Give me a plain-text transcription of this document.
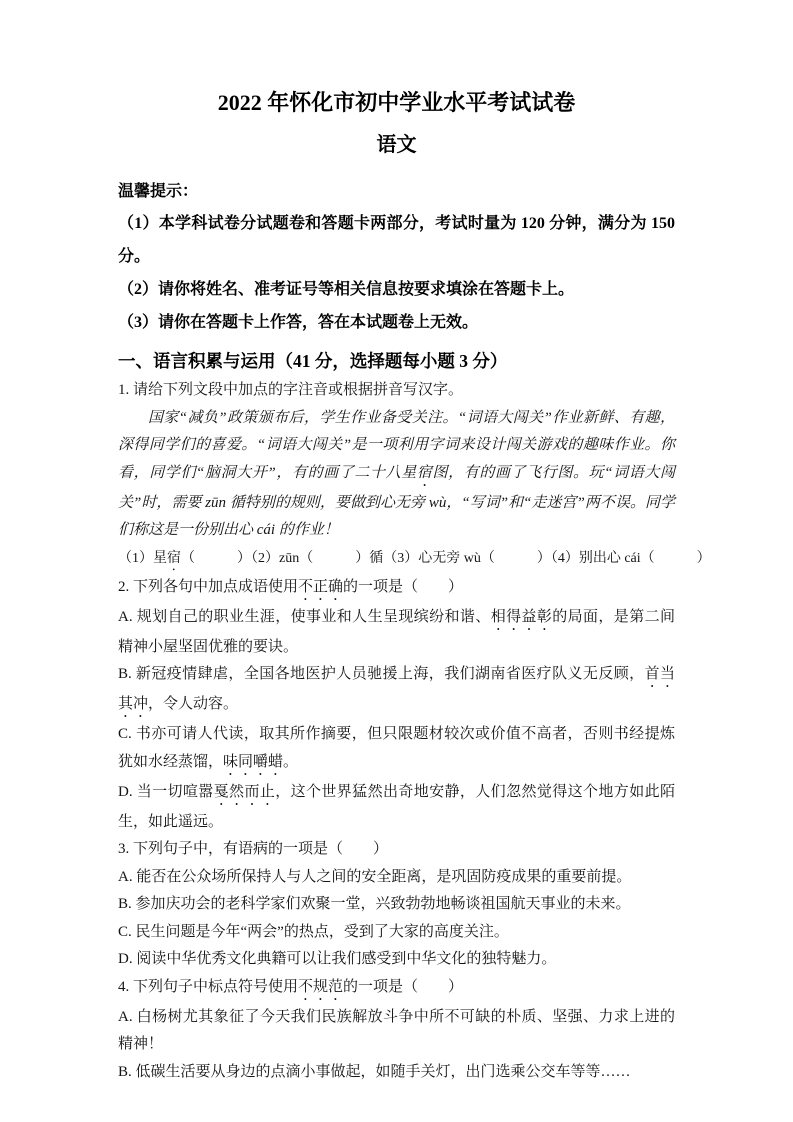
2022 年怀化市初中学业水平考试试卷
语文
温馨提示：

（1）本学科试卷分试题卷和答题卡两部分，考试时量为 120 分钟，满分为 150 分。

（2）请你将姓名、准考证号等相关信息按要求填涂在答题卡上。

（3）请你在答题卡上作答，答在本试题卷上无效。

一、语言积累与运用（41 分，选择题每小题 3 分）

1. 请给下列文段中加点的字注音或根据拼音写汉字。

国家“减负”政策颁布后，学生作业备受关注。“词语大闯关”作业新鲜、有趣，深得同学们的喜爱。“词语大闯关”是一项利用字词来设计闯关游戏的趣味作业。你看，同学们“脑洞大开”，有的画了二十八星宿图，有的画了飞行图。玩“词语大闯关”时，需要 zūn 循特别的规则，要做到心无旁 wù，“写词”和“走迷宫”两不误。同学们称这是一份别出心 cái 的作业！

（1）星宿（　　　）（2）zūn（　　　）循（3）心无旁 wù（　　　）（4）别出心 cái（　　　）

2. 下列各句中加点成语使用不正确的一项是（　　）

A. 规划自己的职业生涯，使事业和人生呈现缤纷和谐、相得益彰的局面，是第二间精神小屋坚固优雅的要诀。

B. 新冠疫情肆虐，全国各地医护人员驰援上海，我们湖南省医疗队义无反顾，首当其冲，令人动容。

C. 书亦可请人代读，取其所作摘要，但只限题材较次或价值不高者，否则书经提炼犹如水经蒸馏，味同嚼蜡。

D. 当一切喧嚣戛然而止，这个世界猛然出奇地安静，人们忽然觉得这个地方如此陌生，如此遥远。

3. 下列句子中，有语病的一项是（　　）

A. 能否在公众场所保持人与人之间的安全距离，是巩固防疫成果的重要前提。

B. 参加庆功会的老科学家们欢聚一堂，兴致勃勃地畅谈祖国航天事业的未来。

C. 民生问题是今年“两会”的热点，受到了大家的高度关注。

D. 阅读中华优秀文化典籍可以让我们感受到中华文化的独特魅力。

4. 下列句子中标点符号使用不规范的一项是（　　）

A. 白杨树尤其象征了今天我们民族解放斗争中所不可缺的朴质、坚强、力求上进的精神！

B. 低碳生活要从身边的点滴小事做起，如随手关灯，出门选乘公交车等等……
